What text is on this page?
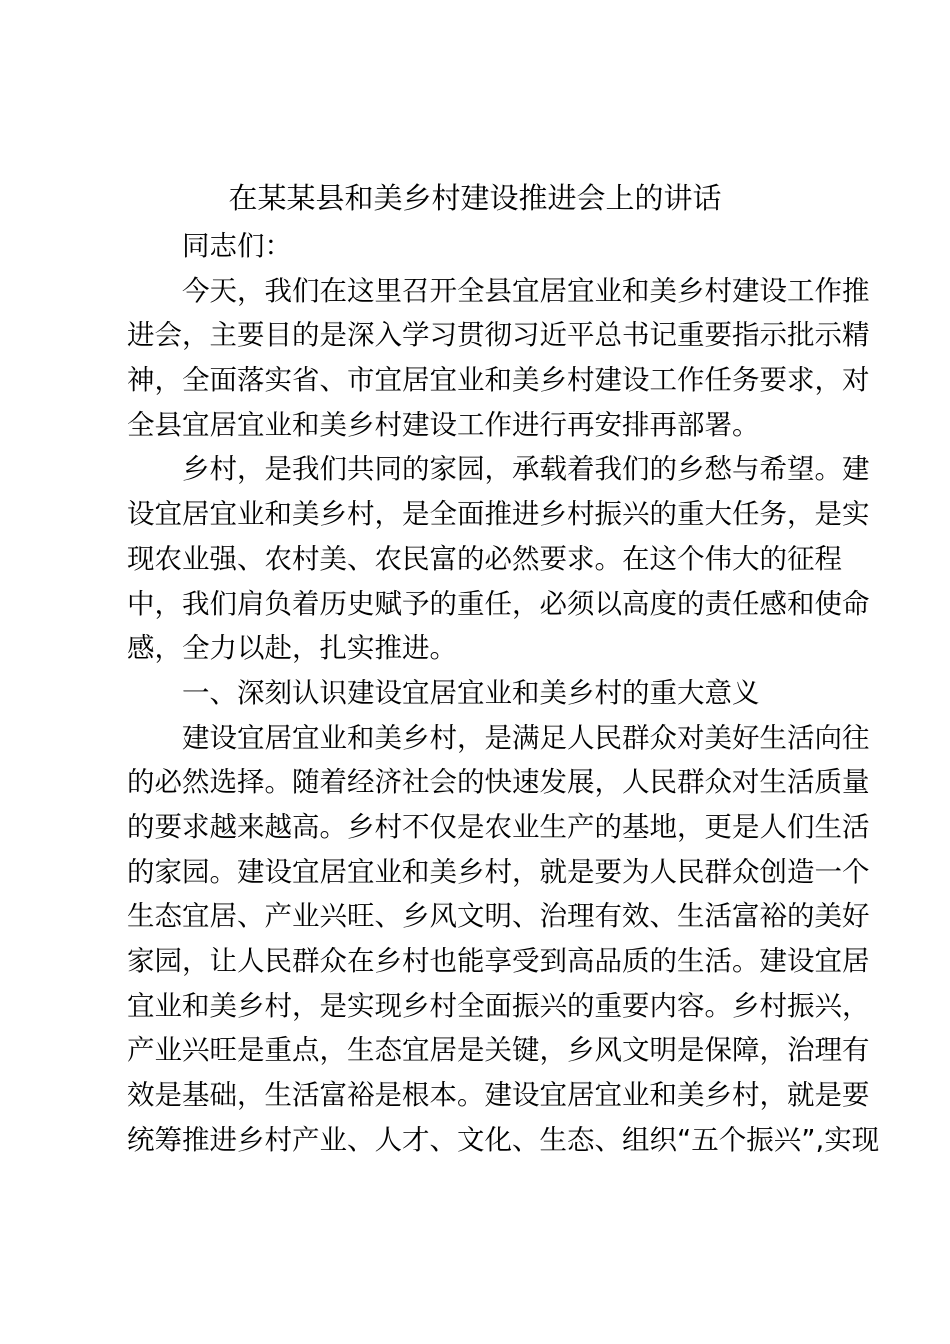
在某某县和美乡村建设推进会上的讲话

同志们：

今天，我们在这里召开全县宜居宜业和美乡村建设工作推
进会，主要目的是深入学习贯彻习近平总书记重要指示批示精
神，全面落实省、市宜居宜业和美乡村建设工作任务要求，对
全县宜居宜业和美乡村建设工作进行再安排再部署。

乡村，是我们共同的家园，承载着我们的乡愁与希望。建
设宜居宜业和美乡村，是全面推进乡村振兴的重大任务，是实
现农业强、农村美、农民富的必然要求。在这个伟大的征程
中，我们肩负着历史赋予的重任，必须以高度的责任感和使命
感，全力以赴，扎实推进。

一、深刻认识建设宜居宜业和美乡村的重大意义

建设宜居宜业和美乡村，是满足人民群众对美好生活向往
的必然选择。随着经济社会的快速发展，人民群众对生活质量
的要求越来越高。乡村不仅是农业生产的基地，更是人们生活
的家园。建设宜居宜业和美乡村，就是要为人民群众创造一个
生态宜居、产业兴旺、乡风文明、治理有效、生活富裕的美好
家园，让人民群众在乡村也能享受到高品质的生活。建设宜居
宜业和美乡村，是实现乡村全面振兴的重要内容。乡村振兴，
产业兴旺是重点，生态宜居是关键，乡风文明是保障，治理有
效是基础，生活富裕是根本。建设宜居宜业和美乡村，就是要
统筹推进乡村产业、人才、文化、生态、组织“五个振兴”,实现
